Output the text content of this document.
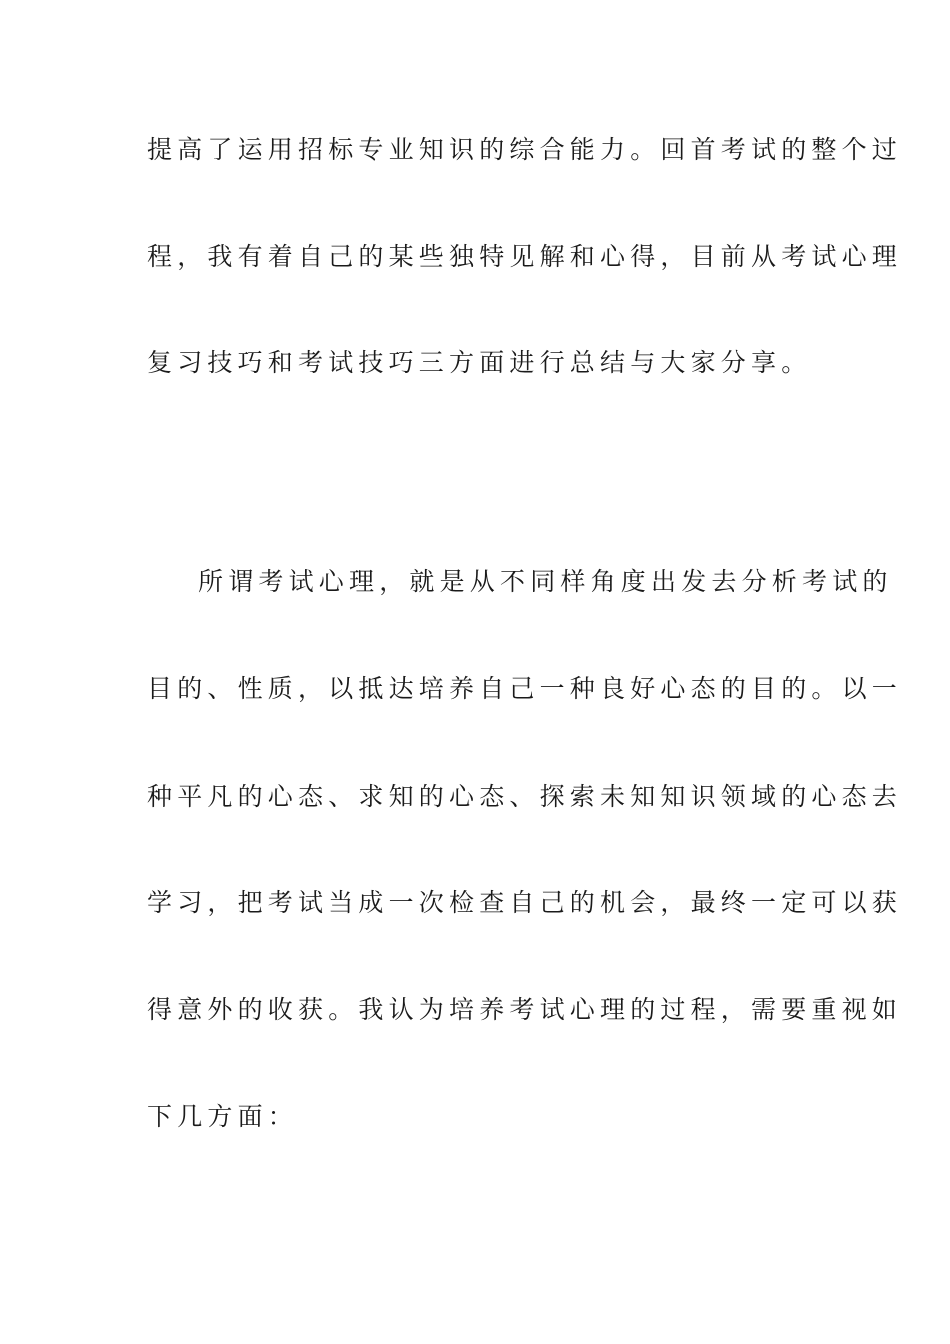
提高了运用招标专业知识的综合能力。回首考试的整个过
程，我有着自己的某些独特见解和心得，目前从考试心理
复习技巧和考试技巧三方面进行总结与大家分享。
所谓考试心理，就是从不同样角度出发去分析考试的
目的、性质，以抵达培养自己一种良好心态的目的。以一
种平凡的心态、求知的心态、探索未知知识领域的心态去
学习，把考试当成一次检查自己的机会，最终一定可以获
得意外的收获。我认为培养考试心理的过程，需要重视如
下几方面：
